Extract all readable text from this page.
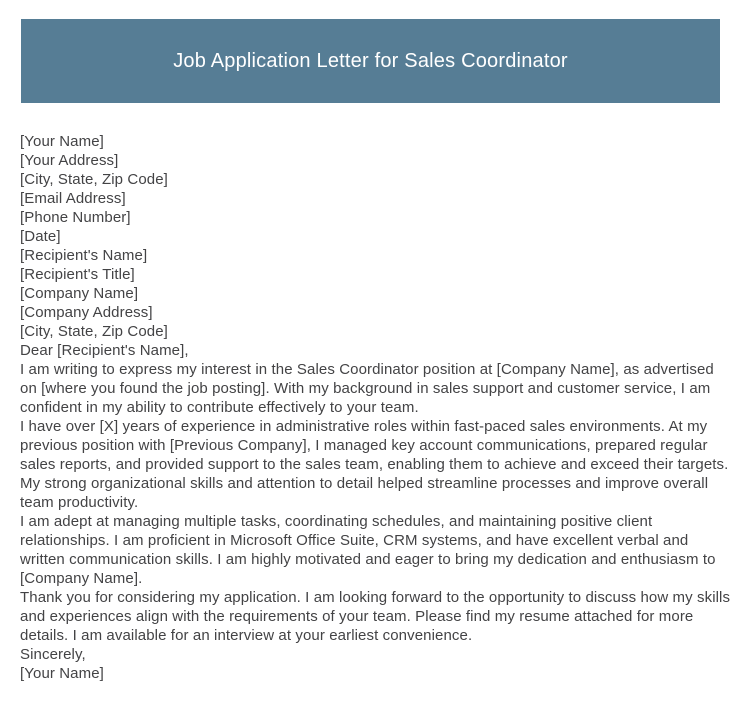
Job Application Letter for Sales Coordinator
[Your Name]
[Your Address]
[City, State, Zip Code]
[Email Address]
[Phone Number]
[Date]
[Recipient's Name]
[Recipient's Title]
[Company Name]
[Company Address]
[City, State, Zip Code]
Dear [Recipient's Name],
I am writing to express my interest in the Sales Coordinator position at [Company Name], as advertised on [where you found the job posting]. With my background in sales support and customer service, I am confident in my ability to contribute effectively to your team.
I have over [X] years of experience in administrative roles within fast-paced sales environments. At my previous position with [Previous Company], I managed key account communications, prepared regular sales reports, and provided support to the sales team, enabling them to achieve and exceed their targets. My strong organizational skills and attention to detail helped streamline processes and improve overall team productivity.
I am adept at managing multiple tasks, coordinating schedules, and maintaining positive client relationships. I am proficient in Microsoft Office Suite, CRM systems, and have excellent verbal and written communication skills. I am highly motivated and eager to bring my dedication and enthusiasm to [Company Name].
Thank you for considering my application. I am looking forward to the opportunity to discuss how my skills and experiences align with the requirements of your team. Please find my resume attached for more details. I am available for an interview at your earliest convenience.
Sincerely,
[Your Name]
